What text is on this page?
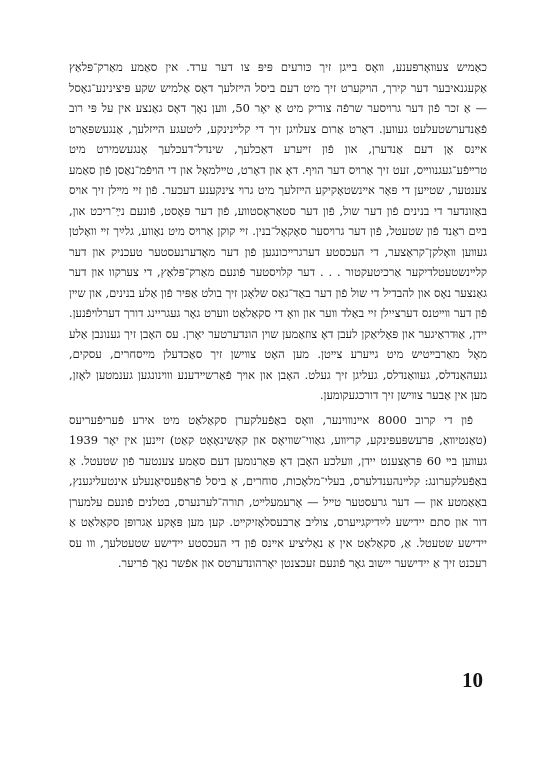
כאַמיש צעװאָרפּענע, װאָס בײגן זיך כּורעים פּיפּ צו דער ערד. אין סאַמע מאַרק־פּלאַץ אַקעגנאיבער דער קירך, הױקערט זיך מיט דעם ביסל הײזלעך דאָס אַלמיש שקע פּיצינינע־גאָסל — אַ זכר פֿון דער גרױסער שרפֿה צוריק מיט אַ יאָר 50, װען נאָך דאָס גאַנצע אין על פּי רוב פֿאַנדערשטעלעט געװען. דאָרט אַרום צעלױגן זיך די קלײנינקע, ליטעגע הײזלעך, אַנגעשפּאַרט אײנס אָן דעם אַנדערן, און פֿון זײערע דאַכלעך, שינדל־דעכלעך אָנגעשמירט מיט טרײפֿע־געגנווײס, זעט זיך אַרױס דער הױף. דאָ און דאָרט, טײלמאָל און די הױפֿמ־נאַסן פֿון סאַמע צענטער, שטײען די פּאָר אײנשטאָקיקע הײזלעך מיט גרױ צינקענע דעכער. פֿון זײ מײלן זיך אױס באַזונדער די בנינים פֿון דער שול, פֿון דער סטאַראָסטװע, פֿון דער פּאָסט, פֿונעם נײַ־ריכט און, בײַם ראַנד פֿון שטעטל, פֿון דער גרױסער סאָקאָל־בנין. זײ קוקן אַרױס מיט נאָװע, גלײַך זײ װאָלטן געװען װאָלקן־קראַצער, די העכסטע דערגרײכונגען פֿון דער מאָדערנעסטער טעכניק און דער קלײנשטעטלדיקער אַרכיטעקטור . . . דער קלױסטער פֿונעם מאַרק־פּלאַץ, די צערקוו און דער גאַנצער נאָס און להבדיל די שול פֿון דער באַד־גאַס שלאָגן זיך בולט אַפּיר פֿון אַלע בנינים, און שײן פֿון דער װײטנס דערציילן זײ באַלד װער און װאָ די סקאַלאַט װערט גאָר געגריינג דורך דערלױפֿנען. יידן, אַוּדראַיגער און פּאָליאַקן לעבן דאָ צוזאַמען שױן הונדערטער יאָרן. עס האָבן זיך גענונבן אַלע מאָל מאַרבײטיש מיט גײערע צײטן. מען האָט צװישן זיך סאַכדעלן מײסחרים, עסקים, גנעהאַנדלס, געװאַנדלס, געליגן זיך געלט. האָבן און אױך פֿאַרשײדענע װױנונגען גענמטען לאָזן, מען אין אַבער צװישן זיך דורכגעקומען.

פֿון די קרוב 8000 אײנװױנער, װאָס באַפֿעלקערן סקאַלאַט מיט אירע פֿעריפֿעריעס (טאַנטיװאַ, פּרעשפּעפּינקע, קריװע, גאַווי־שװיאָס און קאָשינאָאָט קאַט) זײנען אין יאָר 1939 געװען בײ 60 פּראָצענט יידן, װעלכע האָבן דאָ פּאַרנומען דעם סאַמע צענטער פֿון שטעטל. אַ באַפֿעלקערונג: קלײנהענדלערס, בעלי־מלאָכות, סוחרים, אַ ביסל פֿראַפֿעסיאָנעלע אינטעליגענץ, באַאַמטע און — דער גרעסטער טײל — אָרעמעלײט, תורה־לערנערס, בטלנים פֿונעם עלמערן דור און סתם יידישע לײַדיקגײערס, צוליב אַרבעסלאָזיקײט. קען מען פּאָקע אַגרופּן סקאַלאַט אַ יידישע שטעטל. אַ, סקאַלאַט אין אַ נאַליציע אײנס פֿון די העכסטע יידישע שטעטלעך, װו עס רעכנט זיך אַ יידישער יישוב גאָר פֿונעם זעכצנטן יאָרהונדערטס און אפֿשר נאָך פֿריער.

10
